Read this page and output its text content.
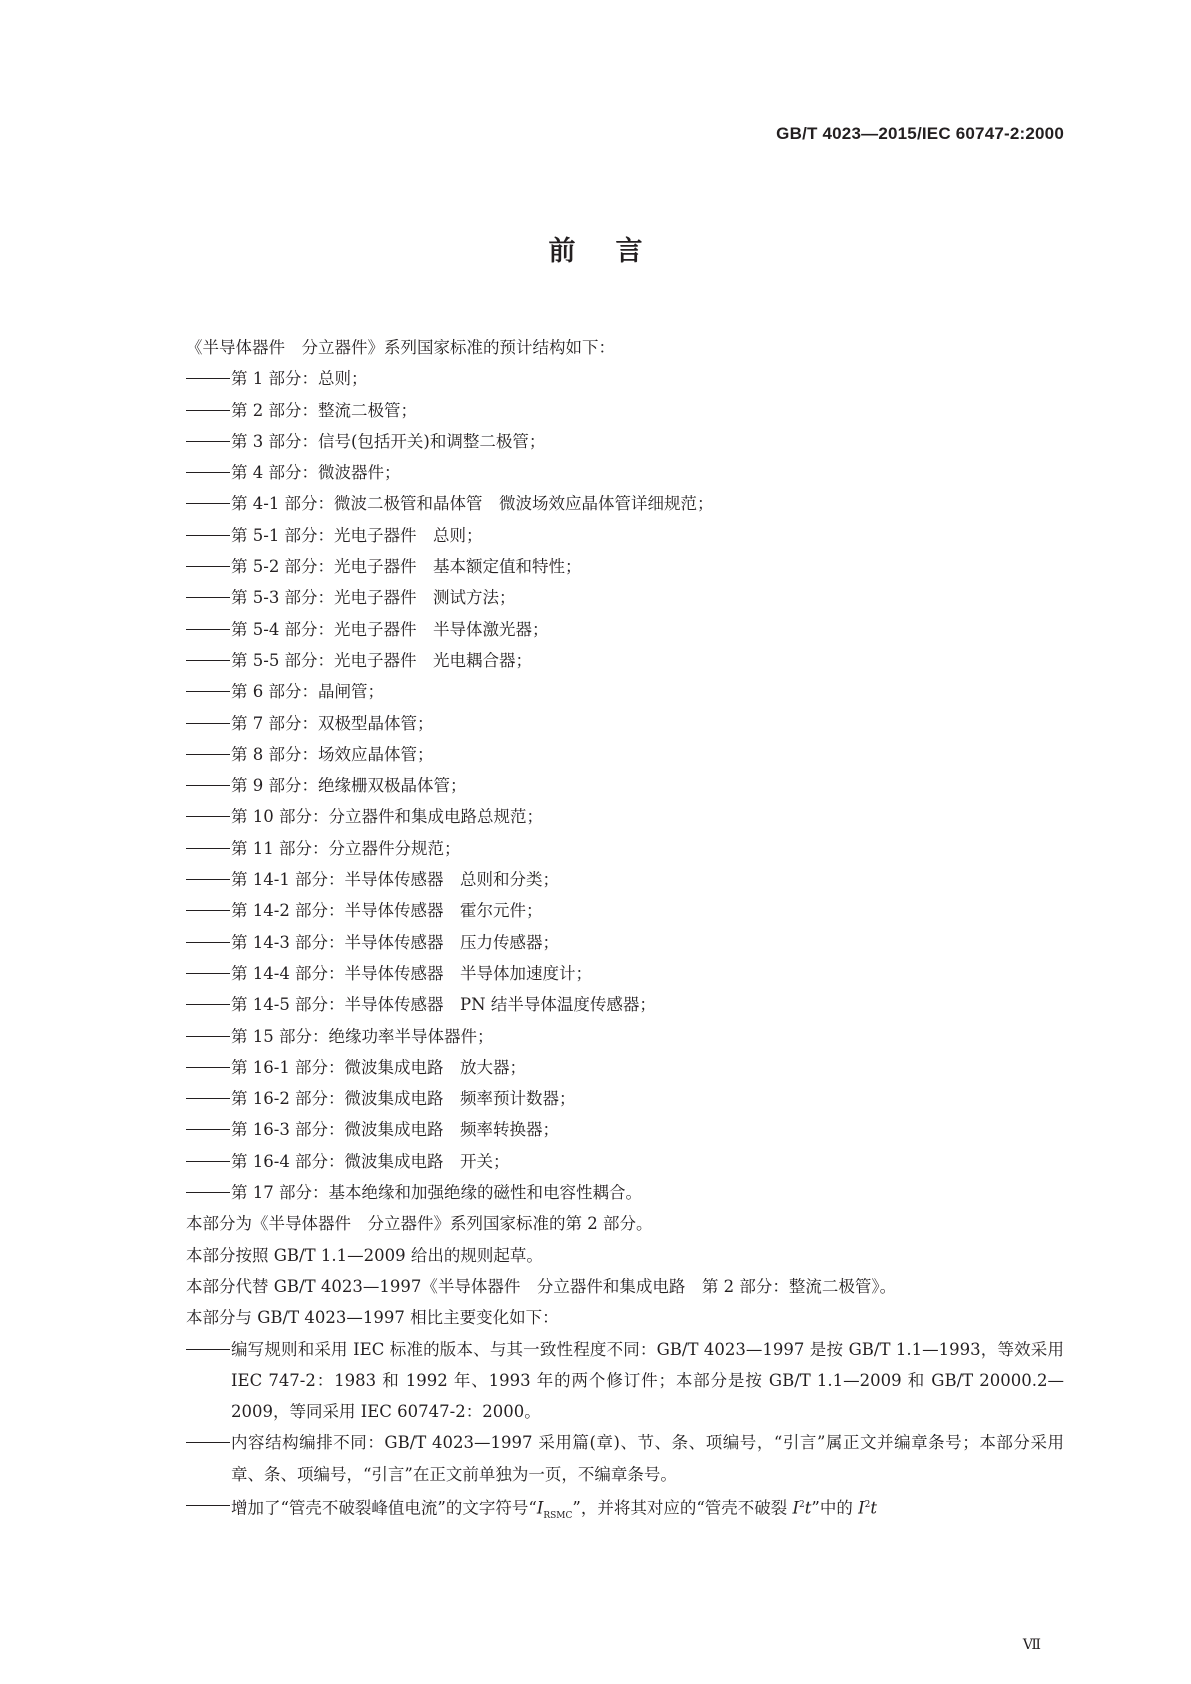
GB/T 4023—2015/IEC 60747-2:2000
前 言
《半导体器件　分立器件》系列国家标准的预计结构如下：
第 1 部分：总则；
第 2 部分：整流二极管；
第 3 部分：信号(包括开关)和调整二极管；
第 4 部分：微波器件；
第 4-1 部分：微波二极管和晶体管　微波场效应晶体管详细规范；
第 5-1 部分：光电子器件　总则；
第 5-2 部分：光电子器件　基本额定值和特性；
第 5-3 部分：光电子器件　测试方法；
第 5-4 部分：光电子器件　半导体激光器；
第 5-5 部分：光电子器件　光电耦合器；
第 6 部分：晶闸管；
第 7 部分：双极型晶体管；
第 8 部分：场效应晶体管；
第 9 部分：绝缘栅双极晶体管；
第 10 部分：分立器件和集成电路总规范；
第 11 部分：分立器件分规范；
第 14-1 部分：半导体传感器　总则和分类；
第 14-2 部分：半导体传感器　霍尔元件；
第 14-3 部分：半导体传感器　压力传感器；
第 14-4 部分：半导体传感器　半导体加速度计；
第 14-5 部分：半导体传感器　PN 结半导体温度传感器；
第 15 部分：绝缘功率半导体器件；
第 16-1 部分：微波集成电路　放大器；
第 16-2 部分：微波集成电路　频率预计数器；
第 16-3 部分：微波集成电路　频率转换器；
第 16-4 部分：微波集成电路　开关；
第 17 部分：基本绝缘和加强绝缘的磁性和电容性耦合。
本部分为《半导体器件　分立器件》系列国家标准的第 2 部分。
本部分按照 GB/T 1.1—2009 给出的规则起草。
本部分代替 GB/T 4023—1997《半导体器件　分立器件和集成电路　第 2 部分：整流二极管》。
本部分与 GB/T 4023—1997 相比主要变化如下：
编写规则和采用 IEC 标准的版本、与其一致性程度不同：GB/T 4023—1997 是按 GB/T 1.1—1993，等效采用 IEC 747-2：1983 和 1992 年、1993 年的两个修订件；本部分是按 GB/T 1.1—2009 和 GB/T 20000.2—2009，等同采用 IEC 60747-2：2000。
内容结构编排不同：GB/T 4023—1997 采用篇(章)、节、条、项编号，“引言”属正文并编章条号；本部分采用章、条、项编号，“引言”在正文前单独为一页，不编章条号。
增加了“管壳不破裂峰值电流”的文字符号“$I_{RSMC}$”，并将其对应的“管壳不破裂 $I^2t$”中的 $I^2t$
Ⅶ
